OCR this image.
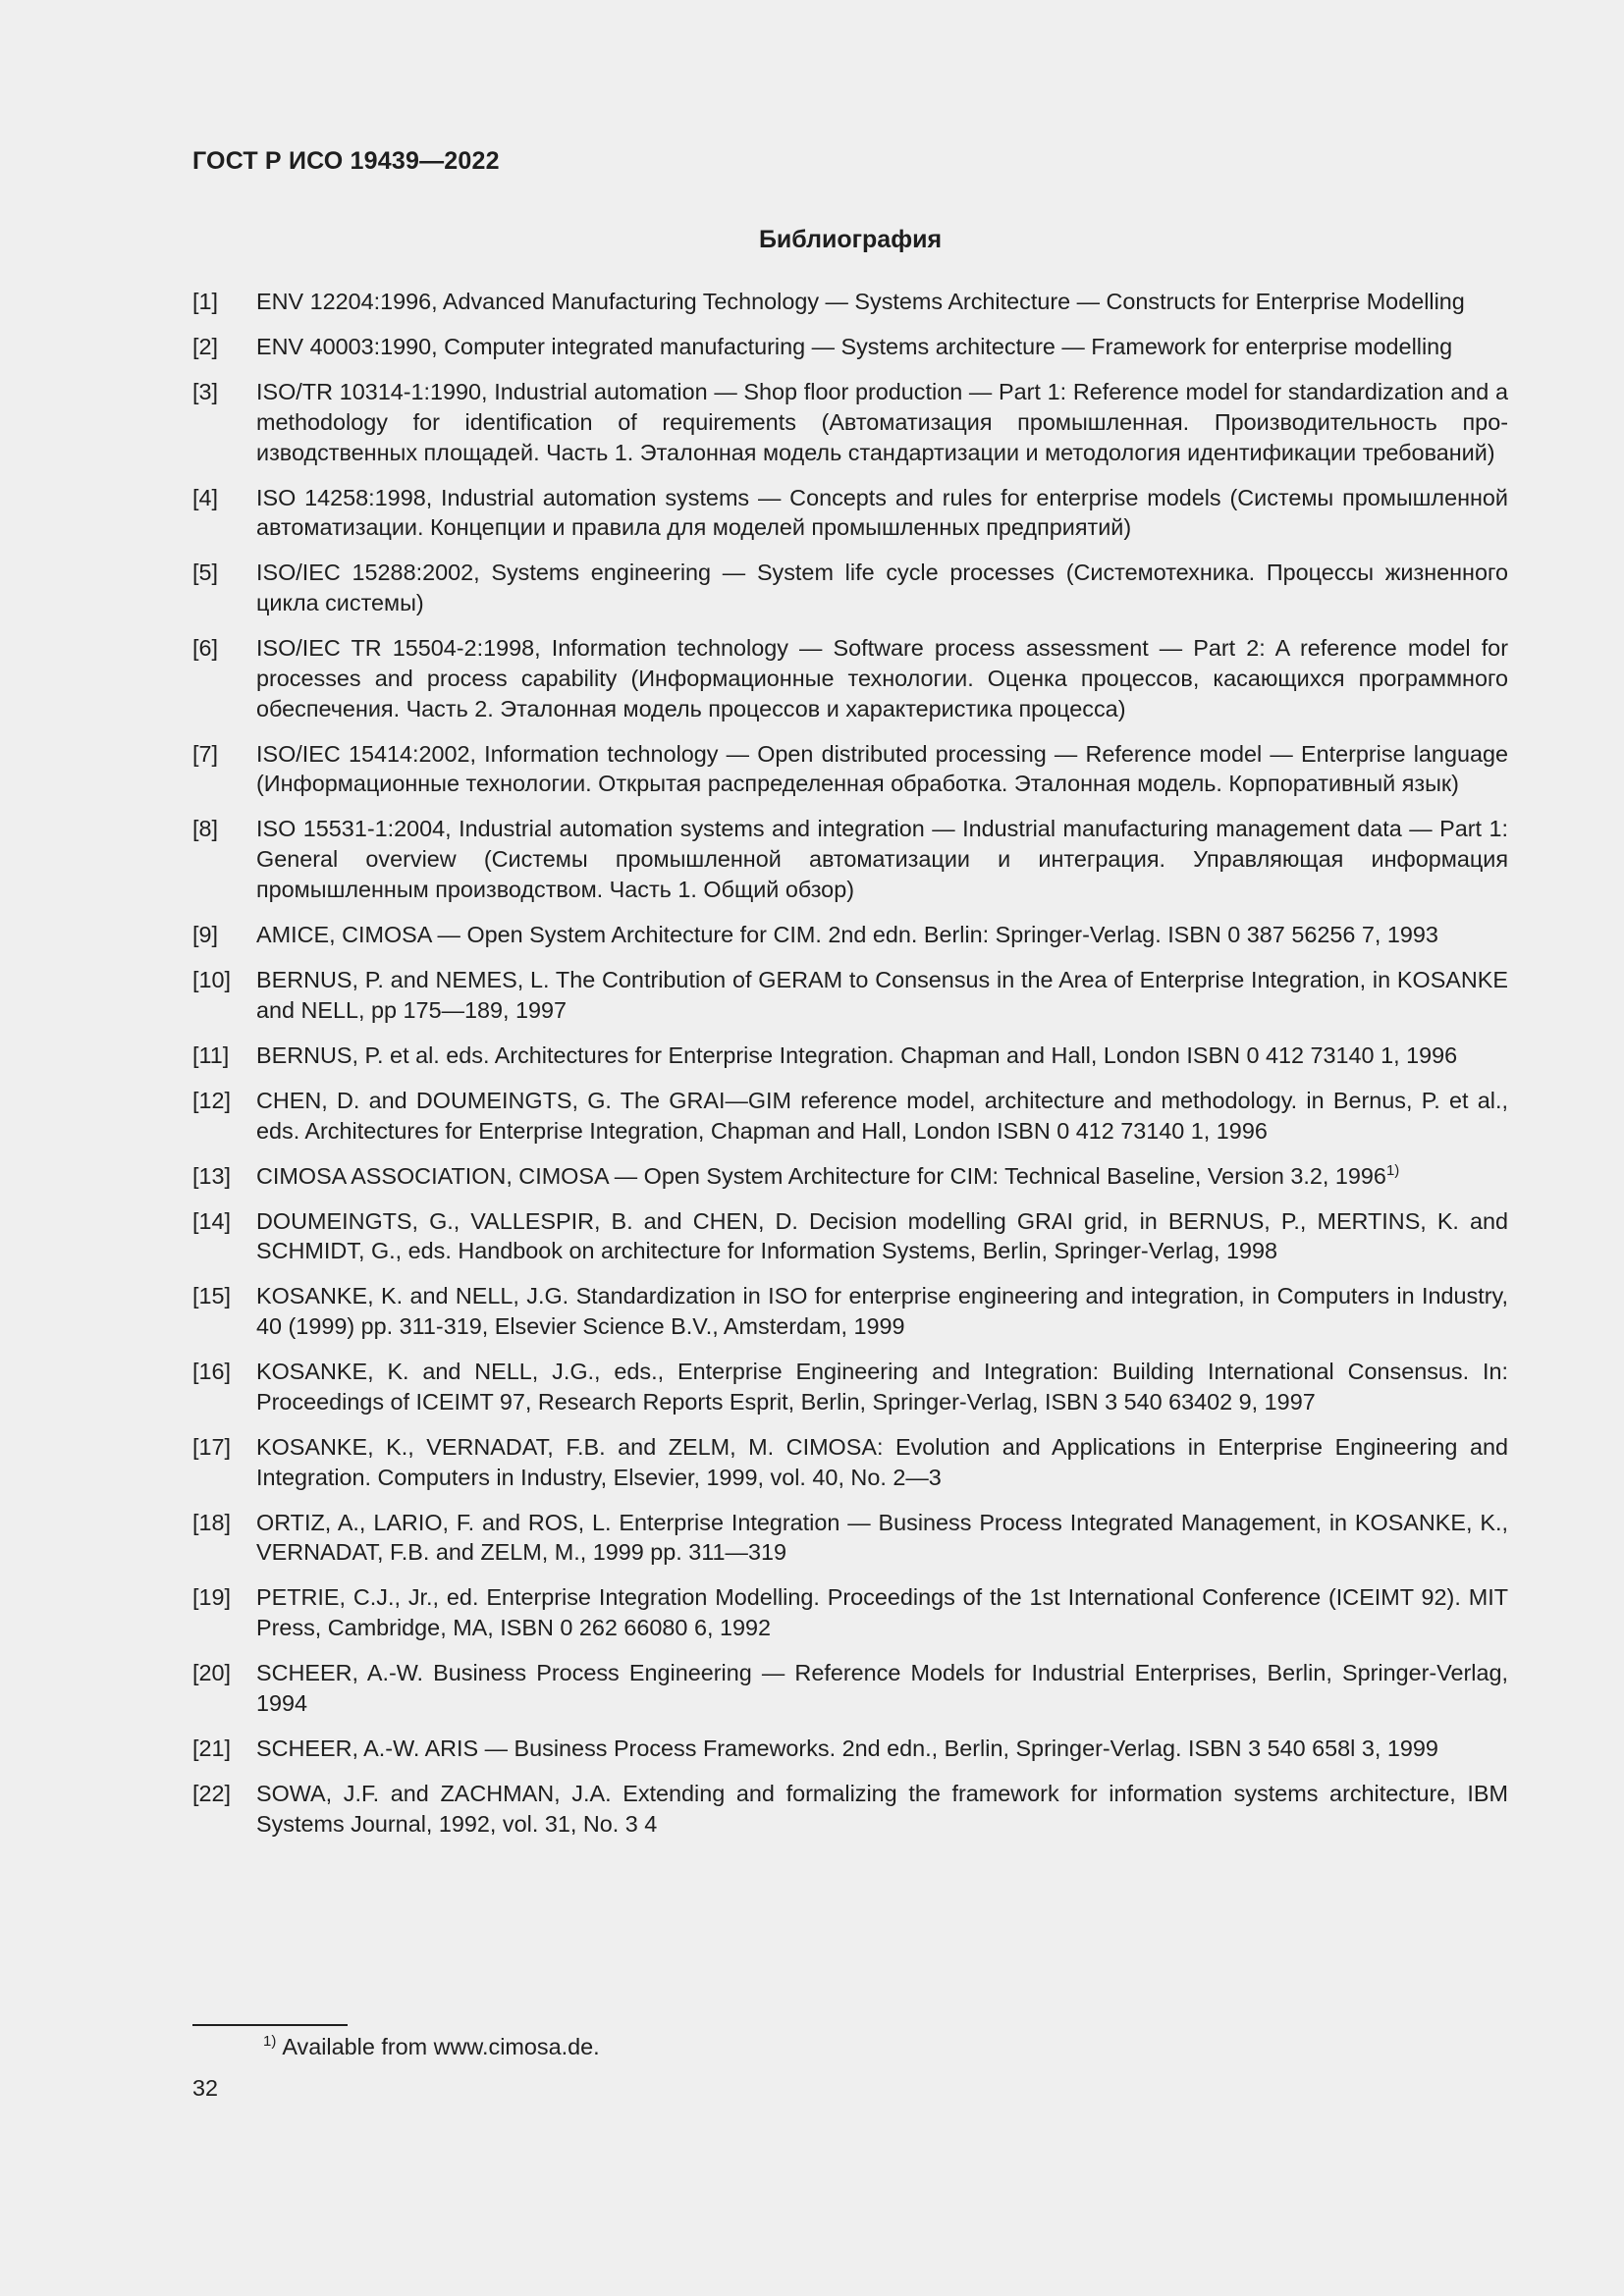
ГОСТ Р ИСО 19439—2022
Библиография
[1]	ENV 12204:1996, Advanced Manufacturing Technology — Systems Architecture — Constructs for Enterprise Modelling
[2]	ENV 40003:1990, Computer integrated manufacturing — Systems architecture — Framework for enterprise modelling
[3]	ISO/TR 10314-1:1990, Industrial automation — Shop floor production — Part 1: Reference model for standardization and a methodology for identification of requirements (Автоматизация промышленная. Производительность производственных площадей. Часть 1. Эталонная модель стандартизации и методология идентификации требований)
[4]	ISO 14258:1998, Industrial automation systems — Concepts and rules for enterprise models (Системы промышленной автоматизации. Концепции и правила для моделей промышленных предприятий)
[5]	ISO/IEC 15288:2002, Systems engineering — System life cycle processes (Системотехника. Процессы жизненного цикла системы)
[6]	ISO/IEC TR 15504-2:1998, Information technology — Software process assessment — Part 2: A reference model for processes and process capability (Информационные технологии. Оценка процессов, касающихся программного обеспечения. Часть 2. Эталонная модель процессов и характеристика процесса)
[7]	ISO/IEC 15414:2002, Information technology — Open distributed processing — Reference model — Enterprise language (Информационные технологии. Открытая распределенная обработка. Эталонная модель. Корпоративный язык)
[8]	ISO 15531-1:2004, Industrial automation systems and integration — Industrial manufacturing management data — Part 1: General overview (Системы промышленной автоматизации и интеграция. Управляющая информация промышленным производством. Часть 1. Общий обзор)
[9]	AMICE, CIMOSA — Open System Architecture for CIM. 2nd edn. Berlin: Springer-Verlag. ISBN 0 387 56256 7, 1993
[10]	BERNUS, P. and NEMES, L. The Contribution of GERAM to Consensus in the Area of Enterprise Integration, in KOSANKE and NELL, pp 175—189, 1997
[11]	BERNUS, P. et al. eds. Architectures for Enterprise Integration. Chapman and Hall, London ISBN 0 412 73140 1, 1996
[12]	CHEN, D. and DOUMEINGTS, G. The GRAI—GIM reference model, architecture and methodology. in Bernus, P. et al., eds. Architectures for Enterprise Integration, Chapman and Hall, London ISBN 0 412 73140 1, 1996
[13]	CIMOSA ASSOCIATION, CIMOSA — Open System Architecture for CIM: Technical Baseline, Version 3.2, 1996$^{1)}$
[14]	DOUMEINGTS, G., VALLESPIR, B. and CHEN, D. Decision modelling GRAI grid, in BERNUS, P., MERTINS, K. and SCHMIDT, G., eds. Handbook on architecture for Information Systems, Berlin, Springer-Verlag, 1998
[15]	KOSANKE, K. and NELL, J.G. Standardization in ISO for enterprise engineering and integration, in Computers in Industry, 40 (1999) pp. 311-319, Elsevier Science B.V., Amsterdam, 1999
[16]	KOSANKE, K. and NELL, J.G., eds., Enterprise Engineering and Integration: Building International Consensus. In: Proceedings of ICEIMT 97, Research Reports Esprit, Berlin, Springer-Verlag, ISBN 3 540 63402 9, 1997
[17]	KOSANKE, K., VERNADAT, F.B. and ZELM, M. CIMOSA: Evolution and Applications in Enterprise Engineering and Integration. Computers in Industry, Elsevier, 1999, vol. 40, No. 2—3
[18]	ORTIZ, A., LARIO, F. and ROS, L. Enterprise Integration — Business Process Integrated Management, in KOSANKE, K., VERNADAT, F.B. and ZELM, M., 1999 pp. 311—319
[19]	PETRIE, C.J., Jr., ed. Enterprise Integration Modelling. Proceedings of the 1st International Conference (ICEIMT 92). MIT Press, Cambridge, MA, ISBN 0 262 66080 6, 1992
[20]	SCHEER, A.-W. Business Process Engineering — Reference Models for Industrial Enterprises, Berlin, Springer-Verlag, 1994
[21]	SCHEER, A.-W. ARIS — Business Process Frameworks. 2nd edn., Berlin, Springer-Verlag. ISBN 3 540 658l 3, 1999
[22]	SOWA, J.F. and ZACHMAN, J.A. Extending and formalizing the framework for information systems architecture, IBM Systems Journal, 1992, vol. 31, No. 3 4
$^{1)}$ Available from www.cimosa.de.
32
